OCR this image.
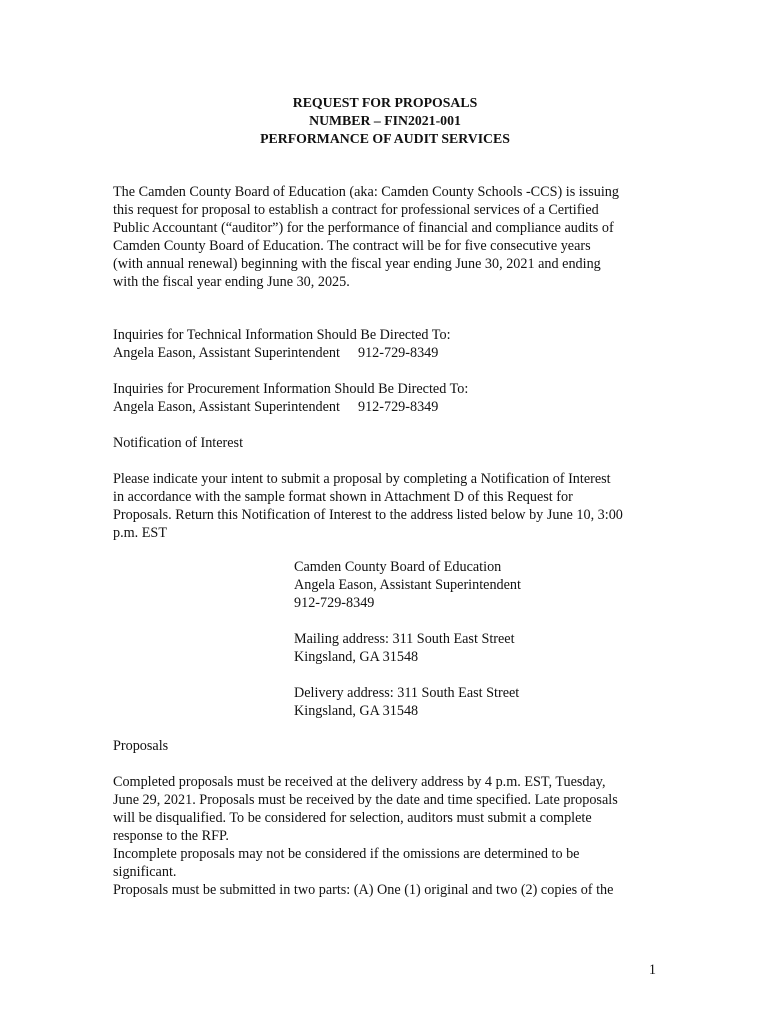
REQUEST FOR PROPOSALS
NUMBER – FIN2021-001
PERFORMANCE OF AUDIT SERVICES
The Camden County Board of Education (aka: Camden County Schools -CCS) is issuing
this request for proposal to establish a contract for professional services of a Certified
Public Accountant (“auditor”) for the performance of financial and compliance audits of
Camden County Board of Education. The contract will be for five consecutive years
(with annual renewal) beginning with the fiscal year ending June 30, 2021 and ending
with the fiscal year ending June 30, 2025.
Inquiries for Technical Information Should Be Directed To:
Angela Eason, Assistant Superintendent 912-729-8349
Inquiries for Procurement Information Should Be Directed To:
Angela Eason, Assistant Superintendent 912-729-8349
Notification of Interest
Please indicate your intent to submit a proposal by completing a Notification of Interest
in accordance with the sample format shown in Attachment D of this Request for
Proposals. Return this Notification of Interest to the address listed below by June 10, 3:00
p.m. EST
Camden County Board of Education
Angela Eason, Assistant Superintendent
912-729-8349
Mailing address: 311 South East Street
Kingsland, GA 31548
Delivery address: 311 South East Street
Kingsland, GA 31548
Proposals
Completed proposals must be received at the delivery address by 4 p.m. EST, Tuesday,
June 29, 2021. Proposals must be received by the date and time specified. Late proposals
will be disqualified. To be considered for selection, auditors must submit a complete
response to the RFP.
Incomplete proposals may not be considered if the omissions are determined to be
significant.
Proposals must be submitted in two parts: (A) One (1) original and two (2) copies of the
1
